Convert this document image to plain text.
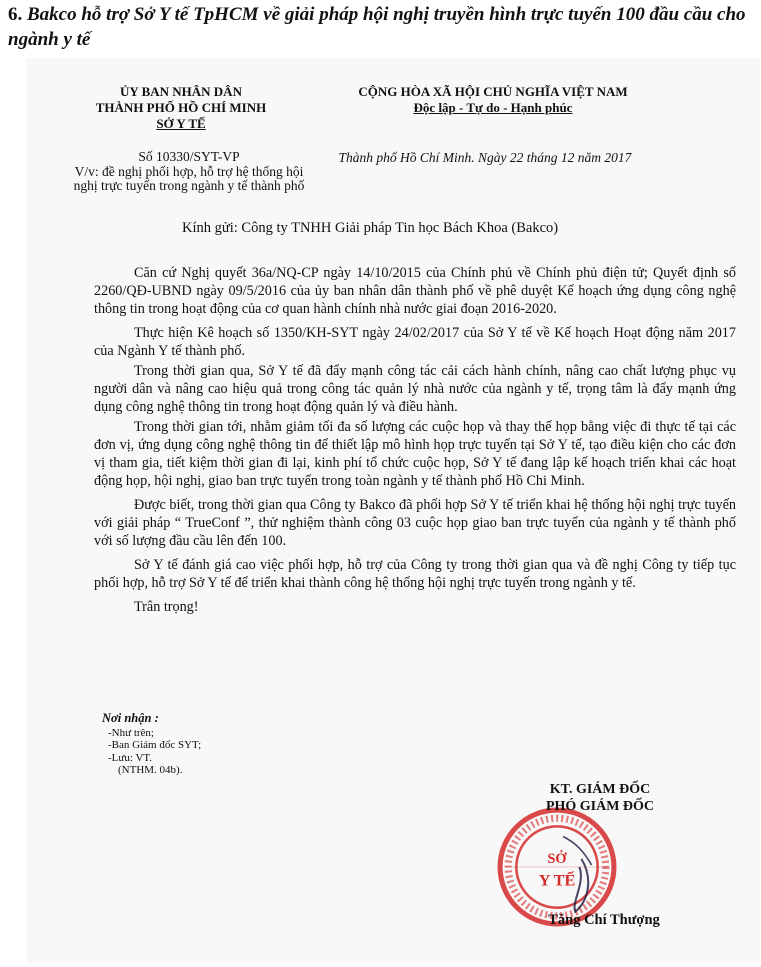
6. Bakco hỗ trợ Sở Y tế TpHCM về giải pháp hội nghị truyền hình trực tuyến 100 đầu cầu cho ngành y tế
ỦY BAN NHÂN DÂN
THÀNH PHỐ HỒ CHÍ MINH
SỞ Y TẾ
CỘNG HÒA XÃ HỘI CHỦ NGHĨA VIỆT NAM
Độc lập - Tự do - Hạnh phúc
Số 10330/SYT-VP
V/v: đề nghị phối hợp, hỗ trợ hệ thống hội
nghị trực tuyến trong ngành y tế thành phố
Thành phố Hồ Chí Minh. Ngày 22 tháng 12 năm 2017
Kính gửi: Công ty TNHH Giải pháp Tin học Bách Khoa (Bakco)

Căn cứ Nghị quyết 36a/NQ-CP ngày 14/10/2015 của Chính phủ về Chính phủ điện tử; Quyết định số 2260/QĐ-UBND ngày 09/5/2016 của ủy ban nhân dân thành phố về phê duyệt Kế hoạch ứng dụng công nghệ thông tin trong hoạt động của cơ quan hành chính nhà nước giai đoạn 2016-2020.

Thực hiện Kê hoạch số 1350/KH-SYT ngày 24/02/2017 của Sở Y tế về Kế hoạch Hoạt động năm 2017 của Ngành Y tế thành phố.

Trong thời gian qua, Sở Y tế đã đẩy mạnh công tác cải cách hành chính, nâng cao chất lượng phục vụ người dân và nâng cao hiệu quả trong công tác quản lý nhà nước của ngành y tế, trọng tâm là đẩy mạnh ứng dụng công nghệ thông tin trong hoạt động quản lý và điều hành.

Trong thời gian tới, nhằm giảm tối đa số lượng các cuộc họp và thay thế họp bằng việc đi thực tế tại các đơn vị, ứng dụng công nghệ thông tin để thiết lập mô hình họp trực tuyến tại Sở Y tế, tạo điều kiện cho các đơn vị tham gia, tiết kiệm thời gian đi lại, kinh phí tổ chức cuộc họp, Sở Y tế đang lập kế hoạch triển khai các hoạt động họp, hội nghị, giao ban trực tuyến trong toàn ngành y tế thành phố Hồ Chi Minh.

Được biết, trong thời gian qua Công ty Bakco đã phối hợp Sở Y tế triển khai hệ thống hội nghị trực tuyến với giải pháp “ TrueConf ”, thử nghiệm thành công 03 cuộc họp giao ban trực tuyến của ngành y tế thành phố với số lượng đầu cầu lên đến 100.

Sở Y tế đánh giá cao việc phối hợp, hỗ trợ của Công ty trong thời gian qua và đề nghị Công ty tiếp tục phối hợp, hỗ trợ Sở Y tế để triển khai thành công hệ thống hội nghị trực tuyến trong ngành y tế.

Trân trọng!

Nơi nhận :
-Như trên;
-Ban Giám đốc SYT;
-Lưu: VT.
(NTHM. 04b).
SỞ
Y TẾ
KT. GIÁM ĐỐC
PHÓ GIÁM ĐỐC
Tăng Chí Thượng
